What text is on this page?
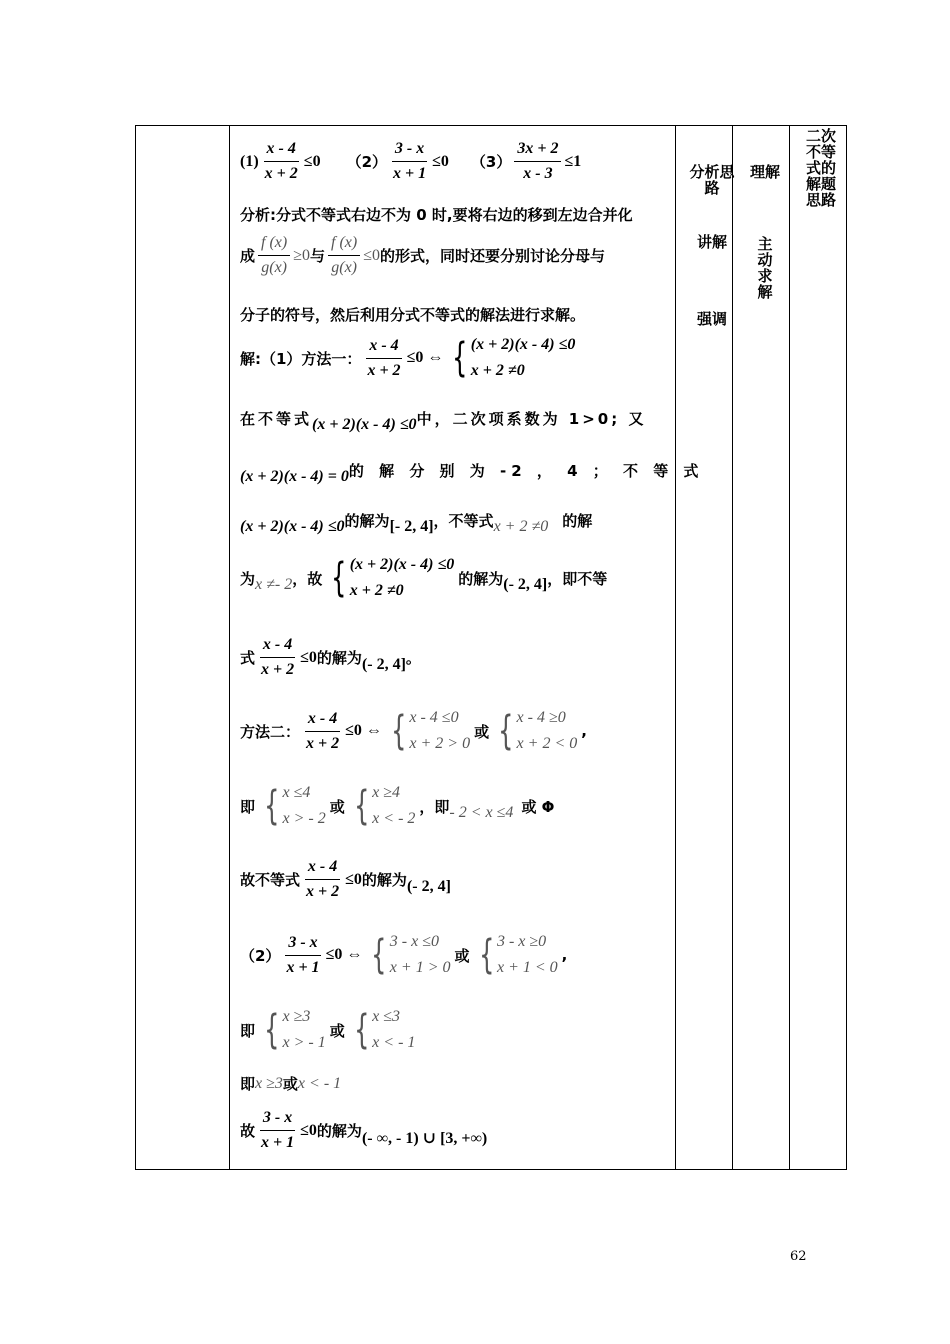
$(1) \frac{x - 4}{x + 2} \le 0$ $(2) \frac{3 - x}{x + 1} \le 0$ $(3) \frac{3x + 2}{x - 3} \le 1$
分析:分式不等式右边不为 0 时,要将右边的移到左边合并化
成 $\frac{f (x)}{g(x)} \ge 0$ 与 $\frac{f (x)}{g(x)} \le 0$ 的形式，同时还要分别讨论分母与
分子的符号，然后利用分式不等式的解法进行求解。
解:（1）方法一： $\frac{x - 4}{x + 2} \le 0$ ⇔ { (x + 2)(x - 4) ≤0
x + 2 ≠0
在不等式 (x + 2)(x - 4) ≤0 中，二次项系数为 1>0; 又
(x + 2)(x - 4) = 0 的 解 分 别 为 -2 ， 4 ； 不 等 式
(x + 2)(x - 4) ≤0 的解为 [- 2, 4] ，不等式 x + 2 ≠0 的解
为 x ≠- 2 ，故 { (x + 2)(x - 4) ≤0
x + 2 ≠0
的解为 (- 2, 4] ，即不等
式 $\frac{x - 4}{x + 2} \le 0$ 的解为 (- 2, 4] 。
方法二： $\frac{x - 4}{x + 2} \le 0$ ⇔ { x - 4 ≤0
x + 2 > 0
或 { x - 4 ≥0
x + 2 < 0
,
即 { x ≤4
x > - 2
或 { x ≥4
x < - 2
，即 - 2 < x ≤4 或 Φ
故不等式 $\frac{x - 4}{x + 2} \le 0$ 的解为 (- 2, 4]
$(2) \frac{3 - x}{x + 1} \le 0$ ⇔ { 3 - x ≤0
x + 1 > 0
或 { 3 - x ≥0
x + 1 < 0
,
即 { x ≥3
x > - 1
或 { x ≤3
x < - 1
即 x ≥3 或 x < - 1
故 $\frac{3 - x}{x + 1} \le 0$ 的解为 (- ∞, - 1) ∪ [3, +∞)
分析思路
讲解
强调
理解
主动求解
二次不等式的解题思路
62
